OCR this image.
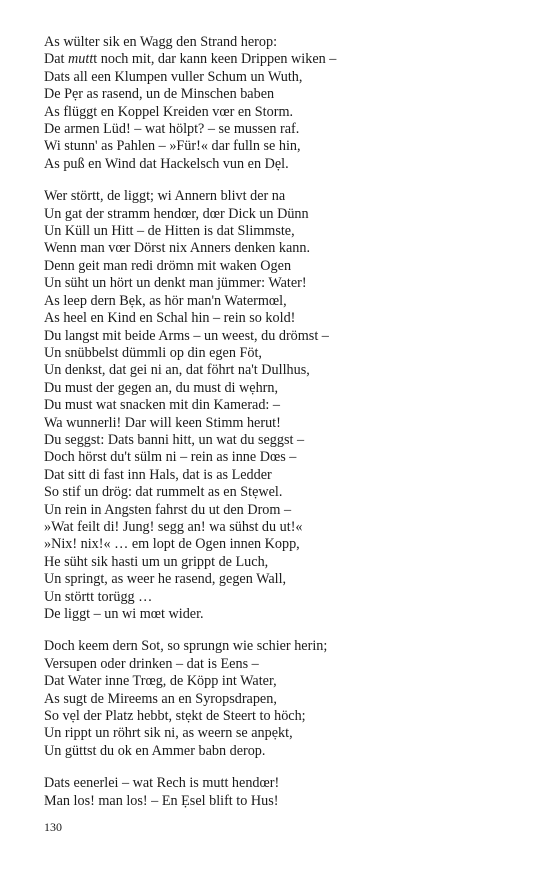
As wülter sik en Wagg den Strand herop:
Dat muttt noch mit, dar kann keen Drippen wiken –
Dats all een Klumpen vuller Schum un Wuth,
De Pẹr as rasend, un de Minschen baben
As flüggt en Koppel Kreiden vœr en Storm.
De armen Lüd! – wat hölpt? – se mussen raf.
Wi stunn' as Pahlen – »Für!« dar fulln se hin,
As puß en Wind dat Hackelsch vun en Dẹl.
Wer störtt, de liggt; wi Annern blivt der na
Un gat der stramm hendœr, dœr Dick un Dünn
Un Küll un Hitt – de Hitten is dat Slimmste,
Wenn man vœr Dörst nix Anners denken kann.
Denn geit man redi drömn mit waken Ogen
Un süht un hört un denkt man jümmer: Water!
As leep dern Bẹk, as hör man'n Watermœl,
As heel en Kind en Schal hin – rein so kold!
Du langst mit beide Arms – un weest, du drömst –
Un snübbelst dümmli op din egen Föt,
Un denkst, dat gei ni an, dat föhrt na't Dullhus,
Du must der gegen an, du must di wẹhrn,
Du must wat snacken mit din Kamerad: –
Wa wunnerli! Dar will keen Stimm herut!
Du seggst: Dats banni hitt, un wat du seggst –
Doch hörst du't sülm ni – rein as inne Dœs –
Dat sitt di fast inn Hals, dat is as Ledder
So stif un drög: dat rummelt as en Stẹwel.
Un rein in Angsten fahrst du ut den Drom –
»Wat feilt di! Jung! segg an! wa sühst du ut!«
»Nix! nix!« … em lopt de Ogen innen Kopp,
He süht sik hasti um un grippt de Luch,
Un springt, as weer he rasend, gegen Wall,
Un störtt torügg …
De liggt – un wi mœt wider.
Doch keem dern Sot, so sprungn wie schier herin;
Versupen oder drinken – dat is Eens –
Dat Water inne Trœg, de Köpp int Water,
As sugt de Mireems an en Syropsdrapen,
So vẹl der Platz hebbt, stẹkt de Steert to höch;
Un rippt un röhrt sik ni, as weern se anpẹkt,
Un güttst du ok en Ammer babn derop.
Dats eenerlei – wat Rech is mutt hendœr!
Man los! man los! – En Ẹsel blift to Hus!
130
